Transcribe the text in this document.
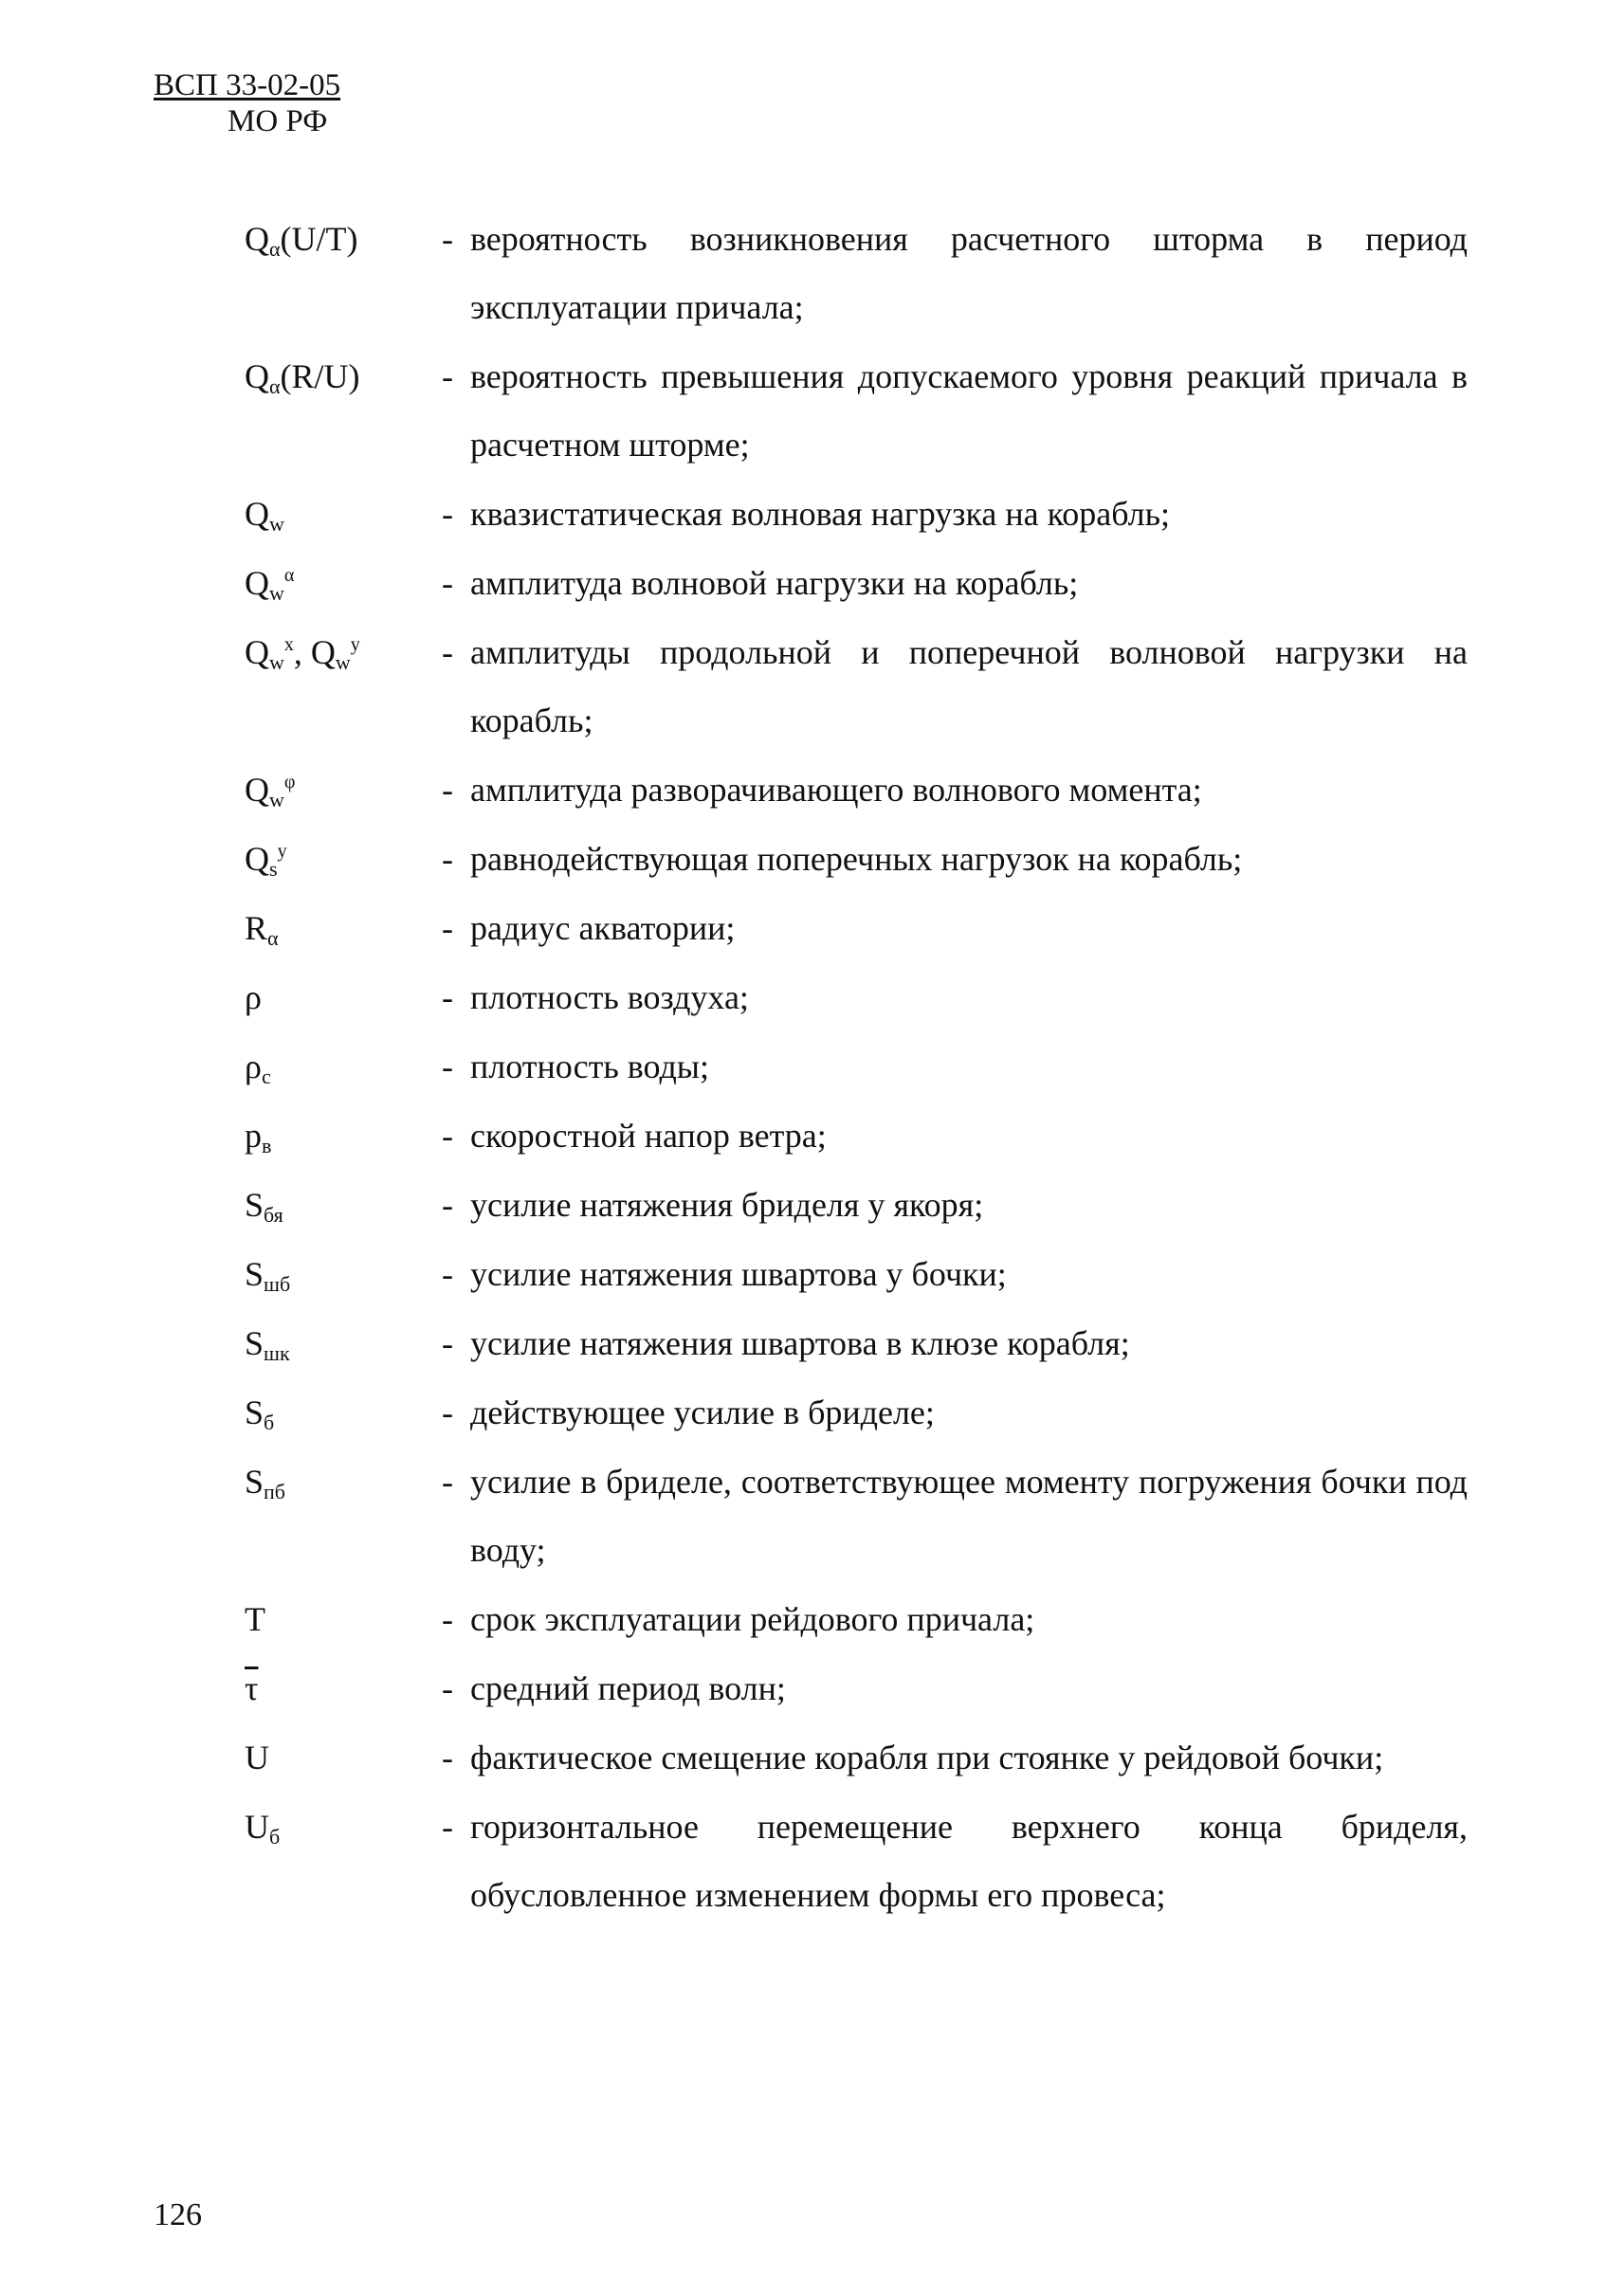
ВСП 33-02-05
МО РФ
$Q_\alpha(U/T)$	- вероятность возникновения расчетного шторма в период эксплуатации причала;
$Q_\alpha(R/U)$	- вероятность превышения допускаемого уровня реакций причала в расчетном шторме;
$Q_w$	- квазистатическая волновая нагрузка на корабль;
$Q_w^\alpha$	- амплитуда волновой нагрузки на корабль;
$Q_w^x$, $Q_w^y$	- амплитуды продольной и поперечной волновой нагрузки на корабль;
$Q_w^\varphi$	- амплитуда разворачивающего волнового момента;
$Q_s^y$	- равнодействующая поперечных нагрузок на корабль;
$R_\alpha$	- радиус акватории;
ρ	- плотность воздуха;
$\rho_c$	- плотность воды;
$p_в$	- скоростной напор ветра;
$S_{бя}$	- усилие натяжения бриделя у якоря;
$S_{шб}$	- усилие натяжения швартова у бочки;
$S_{шк}$	- усилие натяжения швартова в клюзе корабля;
$S_б$	- действующее усилие в бриделе;
$S_{пб}$	- усилие в бриделе, соответствующее моменту погружения бочки под воду;
T	- срок эксплуатации рейдового причала;
$\overline{\tau}$	- средний период волн;
U	- фактическое смещение корабля при стоянке у рейдовой бочки;
$U_б$	- горизонтальное перемещение верхнего конца бриделя, обусловленное изменением формы его провеса;
126
